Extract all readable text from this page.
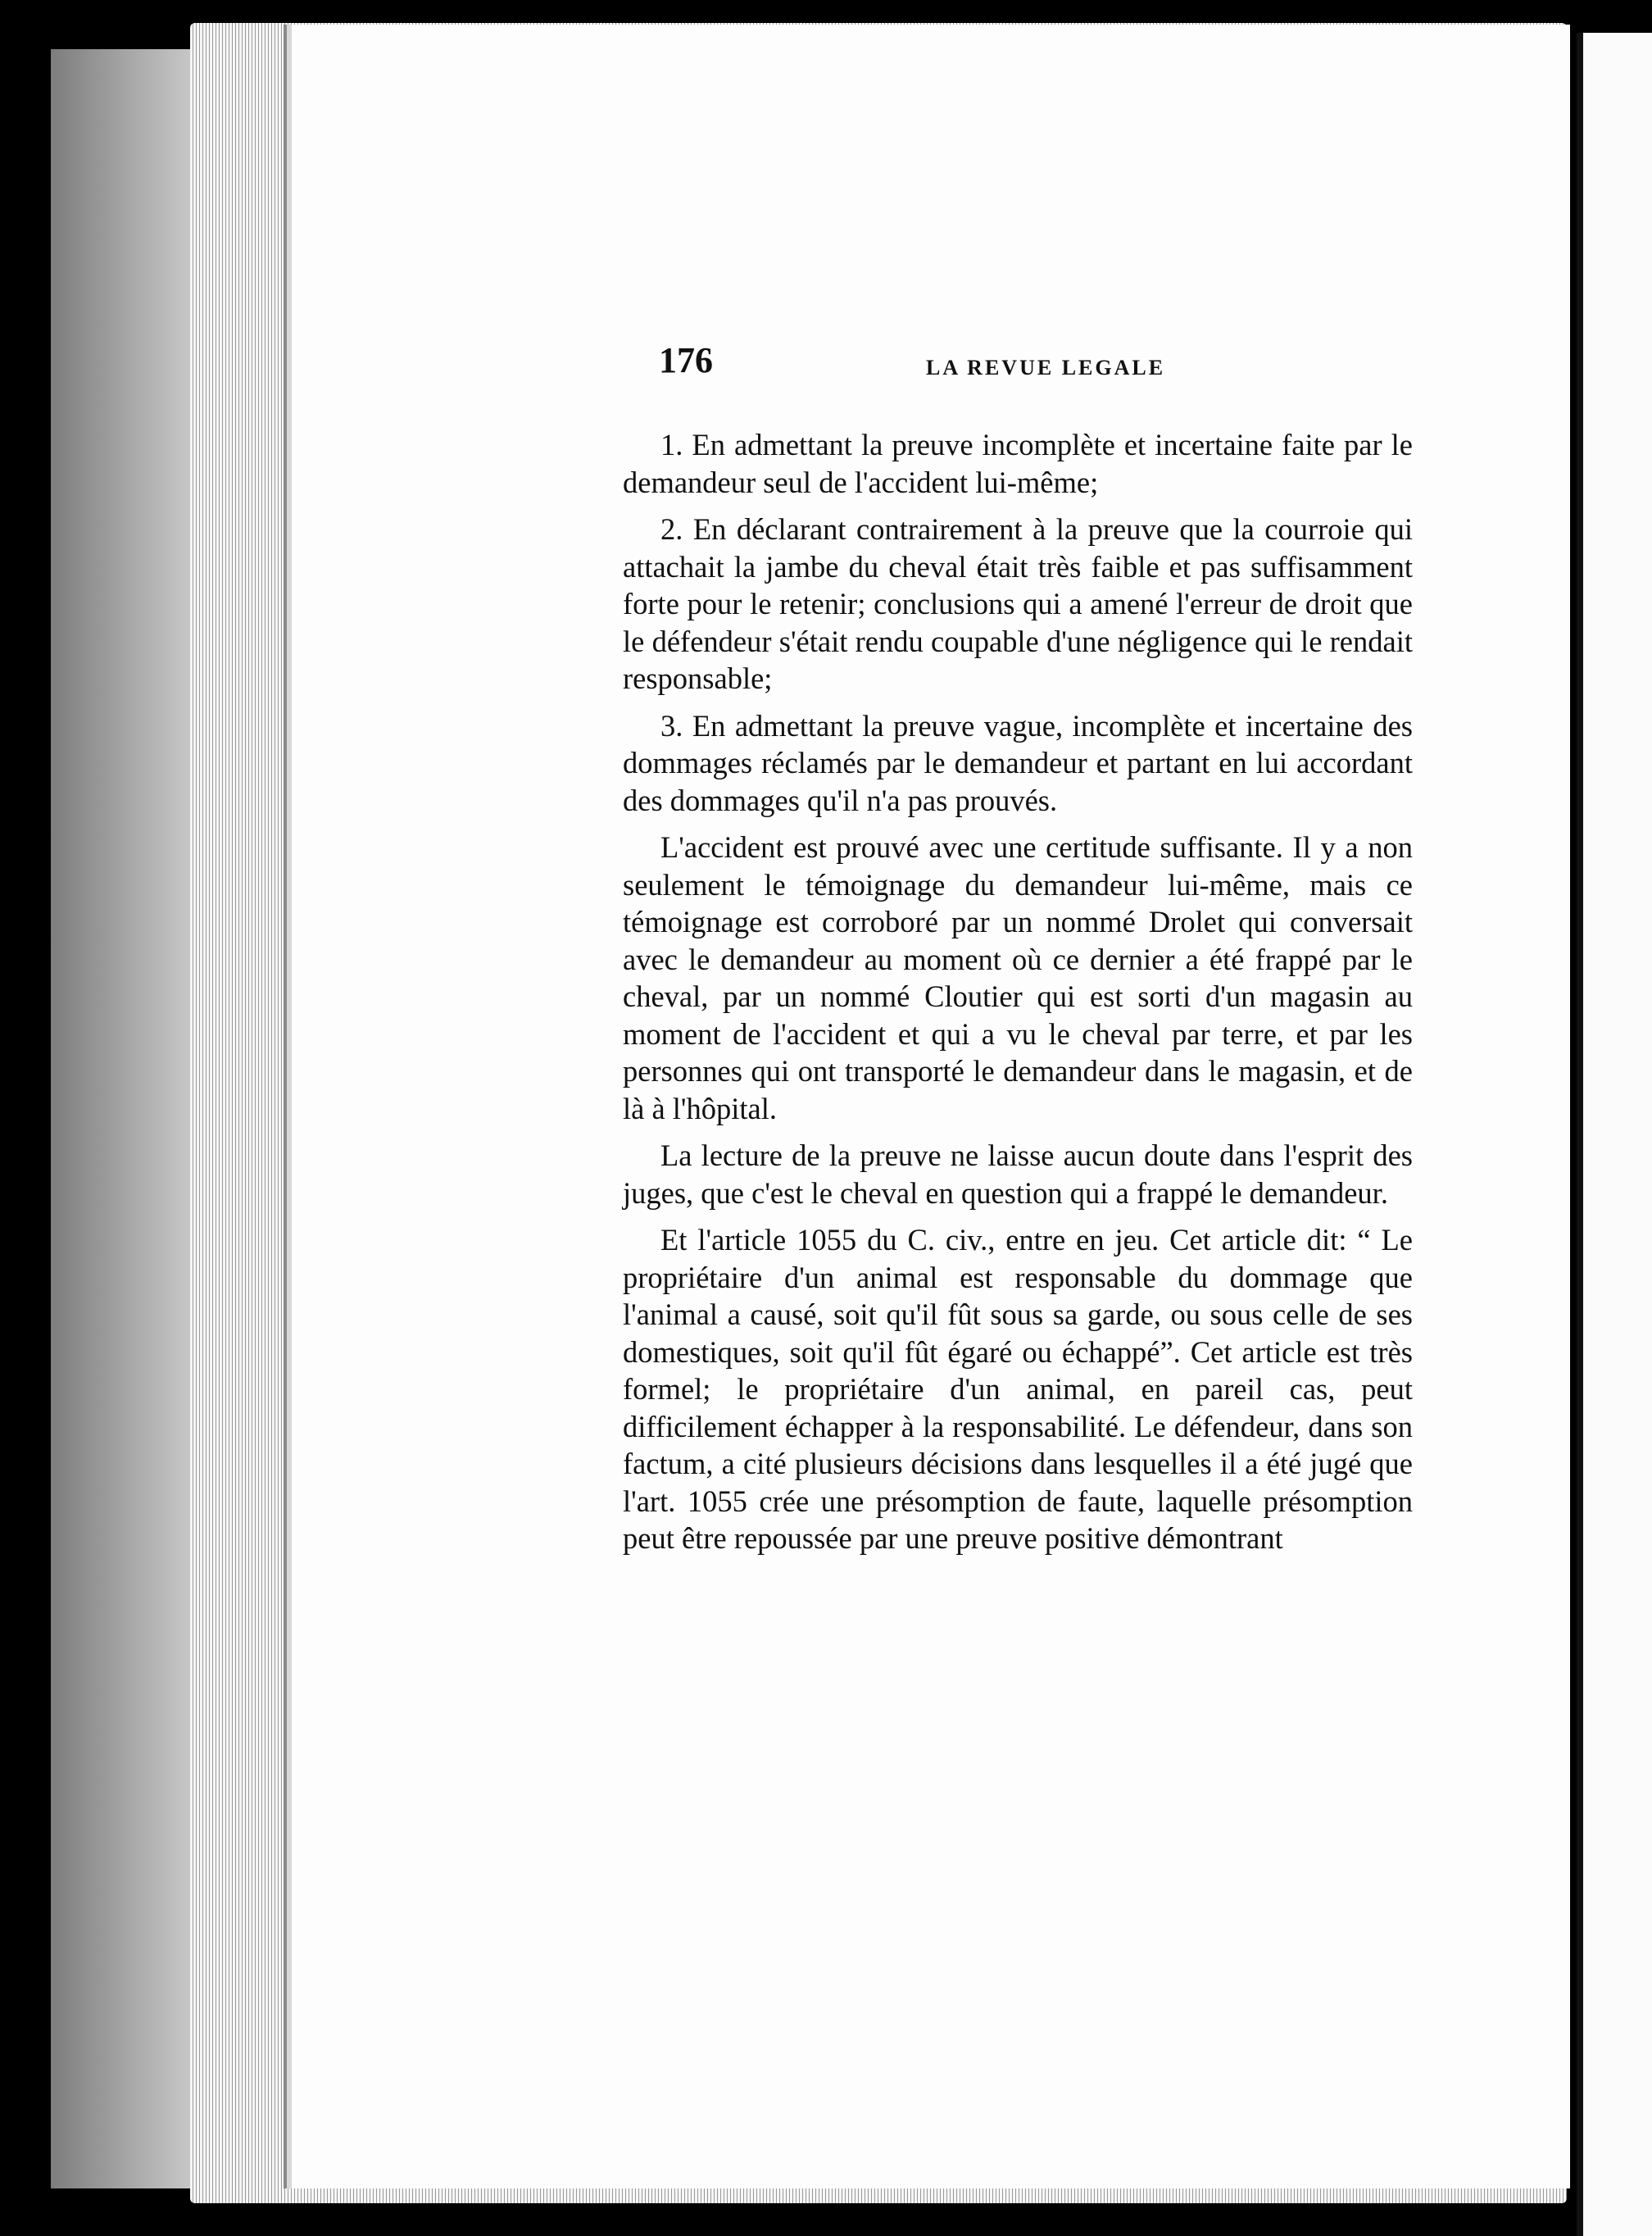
176	LA REVUE LEGALE

1. En admettant la preuve incomplète et incertaine faite par le demandeur seul de l'accident lui-même;

2. En déclarant contrairement à la preuve que la courroie qui attachait la jambe du cheval était très faible et pas suffisamment forte pour le retenir; conclusions qui a amené l'erreur de droit que le défendeur s'était rendu coupable d'une négligence qui le rendait responsable;

3. En admettant la preuve vague, incomplète et incertaine des dommages réclamés par le demandeur et partant en lui accordant des dommages qu'il n'a pas prouvés.

L'accident est prouvé avec une certitude suffisante. Il y a non seulement le témoignage du demandeur lui-même, mais ce témoignage est corroboré par un nommé Drolet qui conversait avec le demandeur au moment où ce dernier a été frappé par le cheval, par un nommé Cloutier qui est sorti d'un magasin au moment de l'accident et qui a vu le cheval par terre, et par les personnes qui ont transporté le demandeur dans le magasin, et de là à l'hôpital.

La lecture de la preuve ne laisse aucun doute dans l'esprit des juges, que c'est le cheval en question qui a frappé le demandeur.

Et l'article 1055 du C. civ., entre en jeu. Cet article dit: “ Le propriétaire d'un animal est responsable du dommage que l'animal a causé, soit qu'il fût sous sa garde, ou sous celle de ses domestiques, soit qu'il fût égaré ou échappé”. Cet article est très formel; le propriétaire d'un animal, en pareil cas, peut difficilement échapper à la responsabilité. Le défendeur, dans son factum, a cité plusieurs décisions dans lesquelles il a été jugé que l'art. 1055 crée une présomption de faute, laquelle présomption peut être repoussée par une preuve positive démontrant
